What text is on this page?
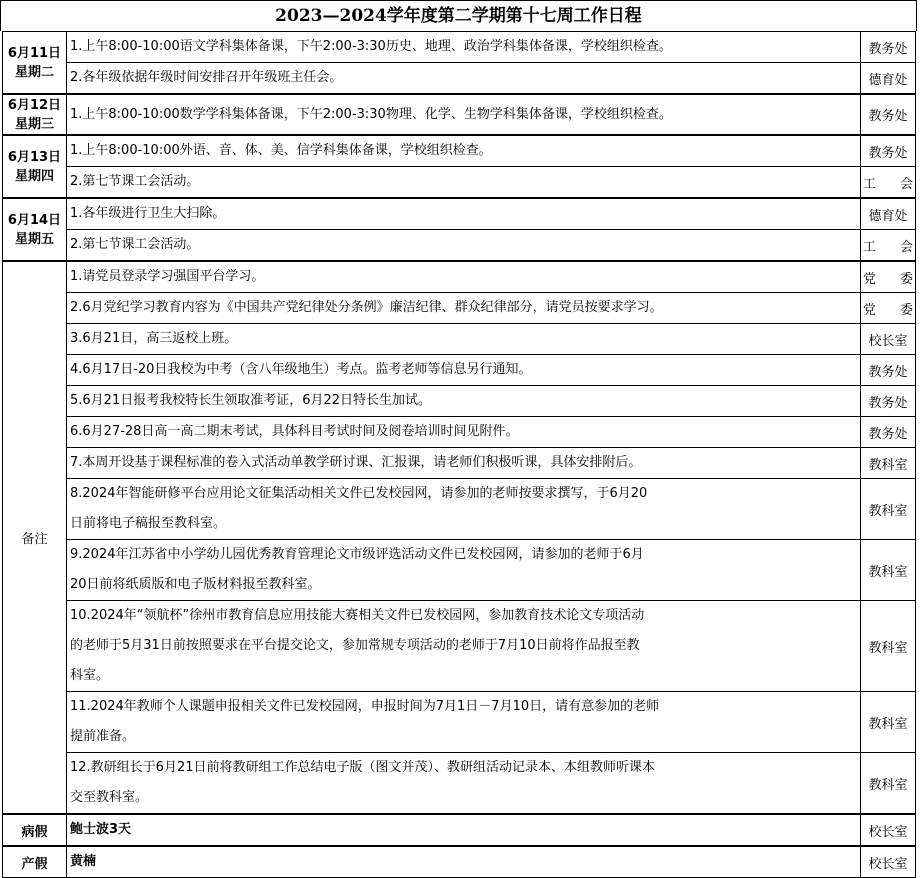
2023—2024学年度第二学期第十七周工作日程
6月11日
星期二	1.上午8:00-10:00语文学科集体备课，下午2:00-3:30历史、地理、政治学科集体备课，学校组织检查。	教务处
	2.各年级依据年级时间安排召开年级班主任会。	德育处

6月12日
星期三	1.上午8:00-10:00数学学科集体备课，下午2:00-3:30物理、化学、生物学科集体备课，学校组织检查。	教务处

6月13日
星期四	1.上午8:00-10:00外语、音、体、美、信学科集体备课，学校组织检查。	教务处
	2.第七节课工会活动。	工 会

6月14日
星期五	1.各年级进行卫生大扫除。	德育处
	2.第七节课工会活动。	工 会
备注	1.请党员登录学习强国平台学习。	党 委
	2.6月党纪学习教育内容为《中国共产党纪律处分条例》廉洁纪律、群众纪律部分，请党员按要求学习。	党 委
	3.6月21日，高三返校上班。	校长室
	4.6月17日-20日我校为中考（含八年级地生）考点。监考老师等信息另行通知。	教务处
	5.6月21日报考我校特长生领取准考证，6月22日特长生加试。	教务处
	6.6月27-28日高一高二期末考试，具体科目考试时间及阅卷培训时间见附件。	教务处
	7.本周开设基于课程标准的卷入式活动单教学研讨课、汇报课，请老师们积极听课，具体安排附后。	教科室

	8.2024年智能研修平台应用论文征集活动相关文件已发校园网，请参加的老师按要求撰写，于6月20
日前将电子稿报至教科室。	教科室

	9.2024年江苏省中小学幼儿园优秀教育管理论文市级评选活动文件已发校园网，请参加的老师于6月
20日前将纸质版和电子版材料报至教科室。	教科室

	10.2024年“领航杯”徐州市教育信息应用技能大赛相关文件已发校园网，参加教育技术论文专项活动
的老师于5月31日前按照要求在平台提交论文，参加常规专项活动的老师于7月10日前将作品报至教
科室。	教科室

	11.2024年教师个人课题申报相关文件已发校园网，申报时间为7月1日－7月10日，请有意参加的老师
提前准备。	教科室

	12.教研组长于6月21日前将教研组工作总结电子版（图文并茂）、教研组活动记录本、本组教师听课本
交至教科室。	教科室
病假	鲍士波3天	校长室
产假	黄楠	校长室
